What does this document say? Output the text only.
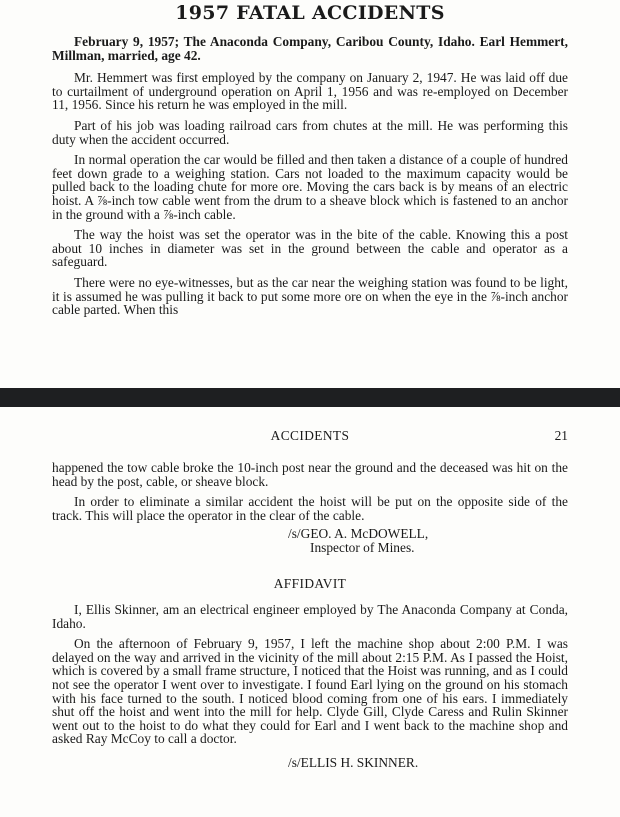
1957 FATAL ACCIDENTS

February 9, 1957; The Anaconda Company, Caribou County, Idaho. Earl Hemmert, Millman, married, age 42.

Mr. Hemmert was first employed by the company on January 2, 1947. He was laid off due to curtailment of underground operation on April 1, 1956 and was re-employed on December 11, 1956. Since his return he was employed in the mill.

Part of his job was loading railroad cars from chutes at the mill. He was performing this duty when the accident occurred.

In normal operation the car would be filled and then taken a distance of a couple of hundred feet down grade to a weighing station. Cars not loaded to the maximum capacity would be pulled back to the loading chute for more ore. Moving the cars back is by means of an electric hoist. A ⅞-inch tow cable went from the drum to a sheave block which is fastened to an anchor in the ground with a ⅞-inch cable.

The way the hoist was set the operator was in the bite of the cable. Knowing this a post about 10 inches in diameter was set in the ground between the cable and operator as a safeguard.

There were no eye-witnesses, but as the car near the weighing station was found to be light, it is assumed he was pulling it back to put some more ore on when the eye in the ⅞-inch anchor cable parted. When this

ACCIDENTS	21

happened the tow cable broke the 10-inch post near the ground and the deceased was hit on the head by the post, cable, or sheave block.

In order to eliminate a similar accident the hoist will be put on the opposite side of the track. This will place the operator in the clear of the cable.

/s/GEO. A. McDOWELL,
Inspector of Mines.

AFFIDAVIT

I, Ellis Skinner, am an electrical engineer employed by The Anaconda Company at Conda, Idaho.

On the afternoon of February 9, 1957, I left the machine shop about 2:00 P.M. I was delayed on the way and arrived in the vicinity of the mill about 2:15 P.M. As I passed the Hoist, which is covered by a small frame structure, I noticed that the Hoist was running, and as I could not see the operator I went over to investigate. I found Earl lying on the ground on his stomach with his face turned to the south. I noticed blood coming from one of his ears. I immediately shut off the hoist and went into the mill for help. Clyde Gill, Clyde Caress and Rulin Skinner went out to the hoist to do what they could for Earl and I went back to the machine shop and asked Ray McCoy to call a doctor.

/s/ELLIS H. SKINNER.
